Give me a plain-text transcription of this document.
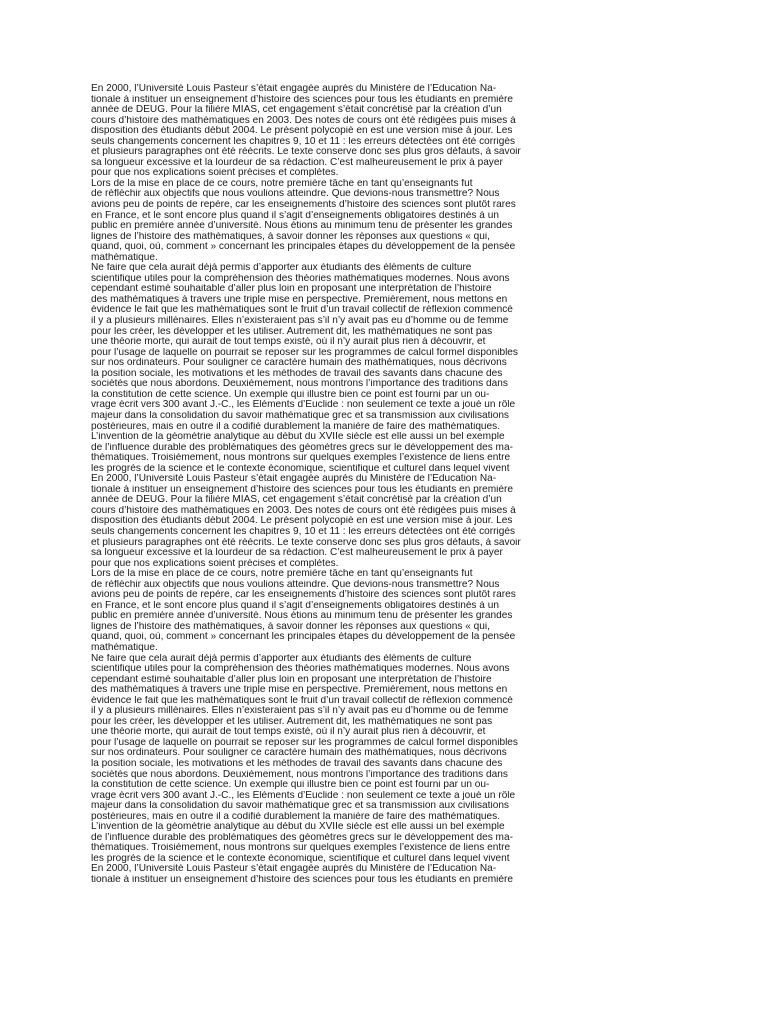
En 2000, l’Université Louis Pasteur s’était engagée auprès du Ministère de l’Éducation Na-
tionale à instituer un enseignement d’histoire des sciences pour tous les étudiants en première
année de DEUG. Pour la filière MIAS, cet engagement s’était concrétisé par la création d’un
cours d’histoire des mathématiques en 2003. Des notes de cours ont été rédigées puis mises à
disposition des étudiants début 2004. Le présent polycopié en est une version mise à jour. Les
seuls changements concernent les chapitres 9, 10 et 11 : les erreurs détectées ont été corrigés
et plusieurs paragraphes ont été réécrits. Le texte conserve donc ses plus gros défauts, à savoir
sa longueur excessive et la lourdeur de sa rédaction. C’est malheureusement le prix à payer
pour que nos explications soient précises et complètes.
Lors de la mise en place de ce cours, notre première tâche en tant qu’enseignants fut
de réfléchir aux objectifs que nous voulions atteindre. Que devions-nous transmettre? Nous
avions peu de points de repère, car les enseignements d’histoire des sciences sont plutôt rares
en France, et le sont encore plus quand il s’agit d’enseignements obligatoires destinés à un
public en première année d’université. Nous étions au minimum tenu de présenter les grandes
lignes de l’histoire des mathématiques, à savoir donner les réponses aux questions « qui,
quand, quoi, où, comment » concernant les principales étapes du développement de la pensée
mathématique.
Ne faire que cela aurait déjà permis d’apporter aux étudiants des éléments de culture
scientifique utiles pour la compréhension des théories mathématiques modernes. Nous avons
cependant estimé souhaitable d’aller plus loin en proposant une interprétation de l’histoire
des mathématiques à travers une triple mise en perspective. Premièrement, nous mettons en
évidence le fait que les mathématiques sont le fruit d’un travail collectif de réflexion commencé
il y a plusieurs millénaires. Elles n’existeraient pas s’il n’y avait pas eu d’homme ou de femme
pour les créer, les développer et les utiliser. Autrement dit, les mathématiques ne sont pas
une théorie morte, qui aurait de tout temps existé, où il n’y aurait plus rien à découvrir, et
pour l’usage de laquelle on pourrait se reposer sur les programmes de calcul formel disponibles
sur nos ordinateurs. Pour souligner ce caractère humain des mathématiques, nous décrivons
la position sociale, les motivations et les méthodes de travail des savants dans chacune des
sociétés que nous abordons. Deuxièmement, nous montrons l’importance des traditions dans
la constitution de cette science. Un exemple qui illustre bien ce point est fourni par un ou-
vrage écrit vers 300 avant J.-C., les Éléments d’Euclide : non seulement ce texte a joué un rôle
majeur dans la consolidation du savoir mathématique grec et sa transmission aux civilisations
postérieures, mais en outre il a codifié durablement la manière de faire des mathématiques.
L’invention de la géométrie analytique au début du XVIIe siècle est elle aussi un bel exemple
de l’influence durable des problématiques des géomètres grecs sur le développement des ma-
thématiques. Troisièmement, nous montrons sur quelques exemples l’existence de liens entre
les progrès de la science et le contexte économique, scientifique et culturel dans lequel vivent
En 2000, l’Université Louis Pasteur s’était engagée auprès du Ministère de l’Éducation Na-
tionale à instituer un enseignement d’histoire des sciences pour tous les étudiants en première
année de DEUG. Pour la filière MIAS, cet engagement s’était concrétisé par la création d’un
cours d’histoire des mathématiques en 2003. Des notes de cours ont été rédigées puis mises à
disposition des étudiants début 2004. Le présent polycopié en est une version mise à jour. Les
seuls changements concernent les chapitres 9, 10 et 11 : les erreurs détectées ont été corrigés
et plusieurs paragraphes ont été réécrits. Le texte conserve donc ses plus gros défauts, à savoir
sa longueur excessive et la lourdeur de sa rédaction. C’est malheureusement le prix à payer
pour que nos explications soient précises et complètes.
Lors de la mise en place de ce cours, notre première tâche en tant qu’enseignants fut
de réfléchir aux objectifs que nous voulions atteindre. Que devions-nous transmettre? Nous
avions peu de points de repère, car les enseignements d’histoire des sciences sont plutôt rares
en France, et le sont encore plus quand il s’agit d’enseignements obligatoires destinés à un
public en première année d’université. Nous étions au minimum tenu de présenter les grandes
lignes de l’histoire des mathématiques, à savoir donner les réponses aux questions « qui,
quand, quoi, où, comment » concernant les principales étapes du développement de la pensée
mathématique.
Ne faire que cela aurait déjà permis d’apporter aux étudiants des éléments de culture
scientifique utiles pour la compréhension des théories mathématiques modernes. Nous avons
cependant estimé souhaitable d’aller plus loin en proposant une interprétation de l’histoire
des mathématiques à travers une triple mise en perspective. Premièrement, nous mettons en
évidence le fait que les mathématiques sont le fruit d’un travail collectif de réflexion commencé
il y a plusieurs millénaires. Elles n’existeraient pas s’il n’y avait pas eu d’homme ou de femme
pour les créer, les développer et les utiliser. Autrement dit, les mathématiques ne sont pas
une théorie morte, qui aurait de tout temps existé, où il n’y aurait plus rien à découvrir, et
pour l’usage de laquelle on pourrait se reposer sur les programmes de calcul formel disponibles
sur nos ordinateurs. Pour souligner ce caractère humain des mathématiques, nous décrivons
la position sociale, les motivations et les méthodes de travail des savants dans chacune des
sociétés que nous abordons. Deuxièmement, nous montrons l’importance des traditions dans
la constitution de cette science. Un exemple qui illustre bien ce point est fourni par un ou-
vrage écrit vers 300 avant J.-C., les Éléments d’Euclide : non seulement ce texte a joué un rôle
majeur dans la consolidation du savoir mathématique grec et sa transmission aux civilisations
postérieures, mais en outre il a codifié durablement la manière de faire des mathématiques.
L’invention de la géométrie analytique au début du XVIIe siècle est elle aussi un bel exemple
de l’influence durable des problématiques des géomètres grecs sur le développement des ma-
thématiques. Troisièmement, nous montrons sur quelques exemples l’existence de liens entre
les progrès de la science et le contexte économique, scientifique et culturel dans lequel vivent
En 2000, l’Université Louis Pasteur s’était engagée auprès du Ministère de l’Éducation Na-
tionale à instituer un enseignement d’histoire des sciences pour tous les étudiants en première
